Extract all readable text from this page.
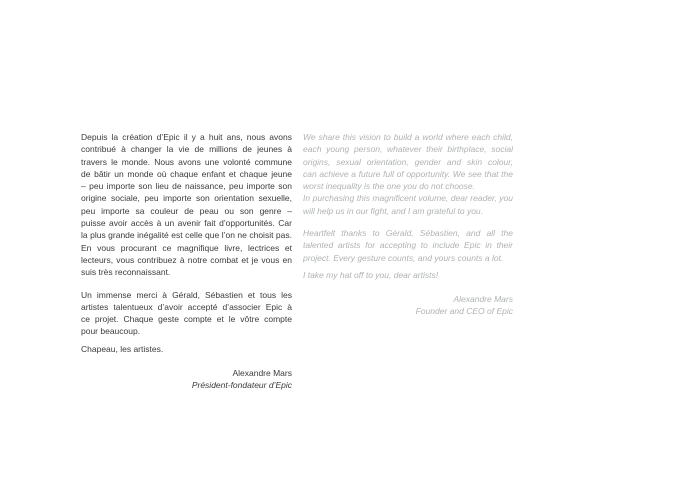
Depuis la création d’Epic il y a huit ans, nous avons
contribué à changer la vie de millions de jeunes à
travers le monde. Nous avons une volonté commune
de bâtir un monde où chaque enfant et chaque jeune
– peu importe son lieu de naissance, peu importe son
origine sociale, peu importe son orientation sexuelle,
peu importe sa couleur de peau ou son genre –
puisse avoir accès à un avenir fait d’opportunités. Car
la plus grande inégalité est celle que l’on ne choisit pas.
En vous procurant ce magnifique livre, lectrices et
lecteurs, vous contribuez à notre combat et je vous en
suis très reconnaissant.
Un immense merci à Gérald, Sébastien et tous les
artistes talentueux d’avoir accepté d’associer Epic à
ce projet. Chaque geste compte et le vôtre compte
pour beaucoup.
Chapeau, les artistes.
Alexandre Mars
Président-fondateur d’Epic
We share this vision to build a world where each child,
each young person, whatever their birthplace, social
origins, sexual orientation, gender and skin colour,
can achieve a future full of opportunity. We see that the
worst inequality is the one you do not choose.
In purchasing this magnificent volume, dear reader, you
will help us in our fight, and I am grateful to you.
Heartfelt thanks to Gérald, Sébastien, and all the
talented artists for accepting to include Epic in their
project. Every gesture counts, and yours counts a lot.
I take my hat off to you, dear artists!
Alexandre Mars
Founder and CEO of Epic
